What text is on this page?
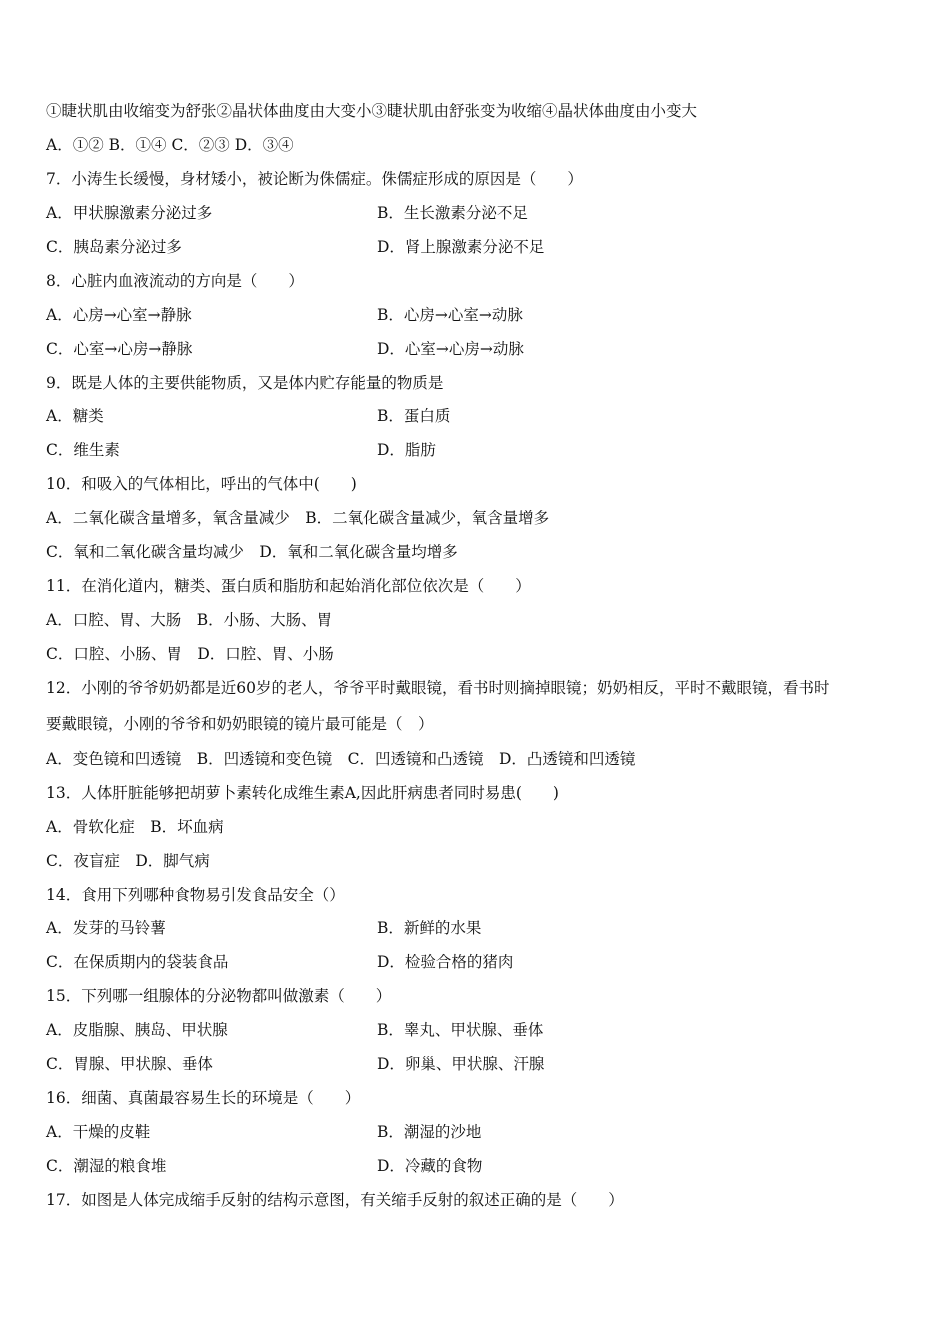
①睫状肌由收缩变为舒张②晶状体曲度由大变小③睫状肌由舒张变为收缩④晶状体曲度由小变大
A．①② B．①④ C．②③ D．③④
7．小涛生长缓慢，身材矮小，被论断为侏儒症。侏儒症形成的原因是（　　）
A．甲状腺激素分泌过多	B．生长激素分泌不足
C．胰岛素分泌过多	D．肾上腺激素分泌不足
8．心脏内血液流动的方向是（　　）
A．心房→心室→静脉	B．心房→心室→动脉
C．心室→心房→静脉	D．心室→心房→动脉
9．既是人体的主要供能物质，又是体内贮存能量的物质是
A．糖类	B．蛋白质
C．维生素	D．脂肪
10．和吸入的气体相比，呼出的气体中(　　)
A．二氧化碳含量增多，氧含量减少　B．二氧化碳含量减少，氧含量增多
C．氧和二氧化碳含量均减少　D．氧和二氧化碳含量均增多
11．在消化道内，糖类、蛋白质和脂肪和起始消化部位依次是（　　）
A．口腔、胃、大肠　B．小肠、大肠、胃
C．口腔、小肠、胃　D．口腔、胃、小肠
12．小刚的爷爷奶奶都是近60岁的老人，爷爷平时戴眼镜，看书时则摘掉眼镜；奶奶相反，平时不戴眼镜，看书时
要戴眼镜，小刚的爷爷和奶奶眼镜的镜片最可能是（　）
A．变色镜和凹透镜　B．凹透镜和变色镜　C．凹透镜和凸透镜　D．凸透镜和凹透镜
13．人体肝脏能够把胡萝卜素转化成维生素A,因此肝病患者同时易患(　　)
A．骨软化症　B．坏血病
C．夜盲症　D．脚气病
14．食用下列哪种食物易引发食品安全（）
A．发芽的马铃薯	B．新鲜的水果
C．在保质期内的袋装食品	D．检验合格的猪肉
15．下列哪一组腺体的分泌物都叫做激素（　　）
A．皮脂腺、胰岛、甲状腺	B．睾丸、甲状腺、垂体
C．胃腺、甲状腺、垂体	D．卵巢、甲状腺、汗腺
16．细菌、真菌最容易生长的环境是（　　）
A．干燥的皮鞋	B．潮湿的沙地
C．潮湿的粮食堆	D．冷藏的食物
17．如图是人体完成缩手反射的结构示意图，有关缩手反射的叙述正确的是（　　）
